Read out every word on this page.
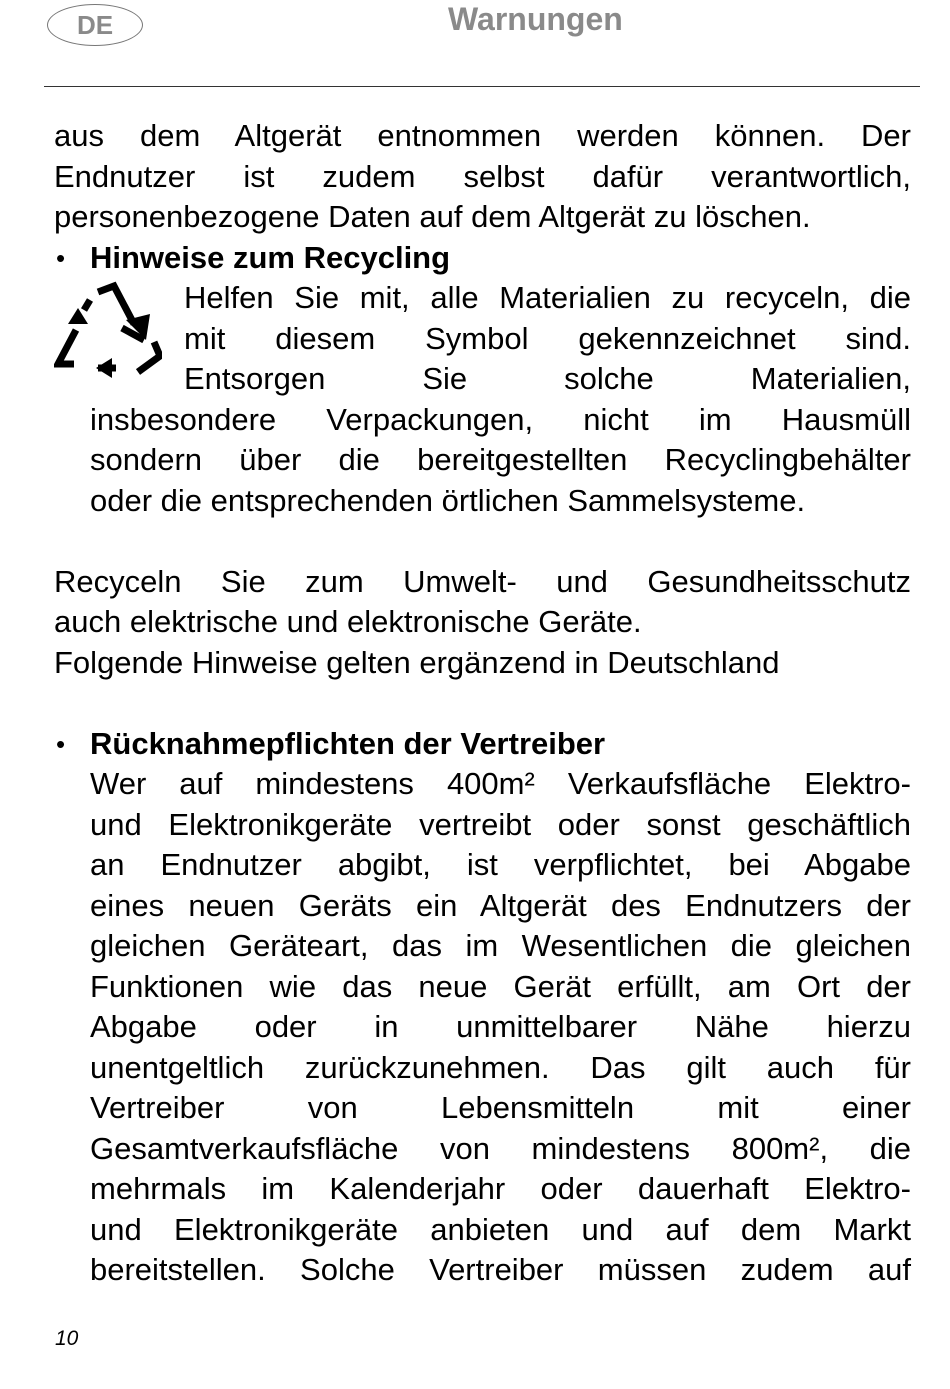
DE	Warnungen

aus dem Altgerät entnommen werden können. Der

Endnutzer ist zudem selbst dafür verantwortlich,

personenbezogene Daten auf dem Altgerät zu löschen.

• Hinweise zum Recycling

Helfen Sie mit, alle Materialien zu recyceln, die

mit diesem Symbol gekennzeichnet sind.

Entsorgen Sie solche Materialien,

insbesondere Verpackungen, nicht im Hausmüll

sondern über die bereitgestellten Recyclingbehälter

oder die entsprechenden örtlichen Sammelsysteme.

Recyceln Sie zum Umwelt- und Gesundheitsschutz

auch elektrische und elektronische Geräte.

Folgende Hinweise gelten ergänzend in Deutschland

• Rücknahmepflichten der Vertreiber

Wer auf mindestens 400m² Verkaufsfläche Elektro-

und Elektronikgeräte vertreibt oder sonst geschäftlich

an Endnutzer abgibt, ist verpflichtet, bei Abgabe

eines neuen Geräts ein Altgerät des Endnutzers der

gleichen Geräteart, das im Wesentlichen die gleichen

Funktionen wie das neue Gerät erfüllt, am Ort der

Abgabe oder in unmittelbarer Nähe hierzu

unentgeltlich zurückzunehmen. Das gilt auch für

Vertreiber von Lebensmitteln mit einer

Gesamtverkaufsfläche von mindestens 800m², die

mehrmals im Kalenderjahr oder dauerhaft Elektro-

und Elektronikgeräte anbieten und auf dem Markt

bereitstellen. Solche Vertreiber müssen zudem auf

10
